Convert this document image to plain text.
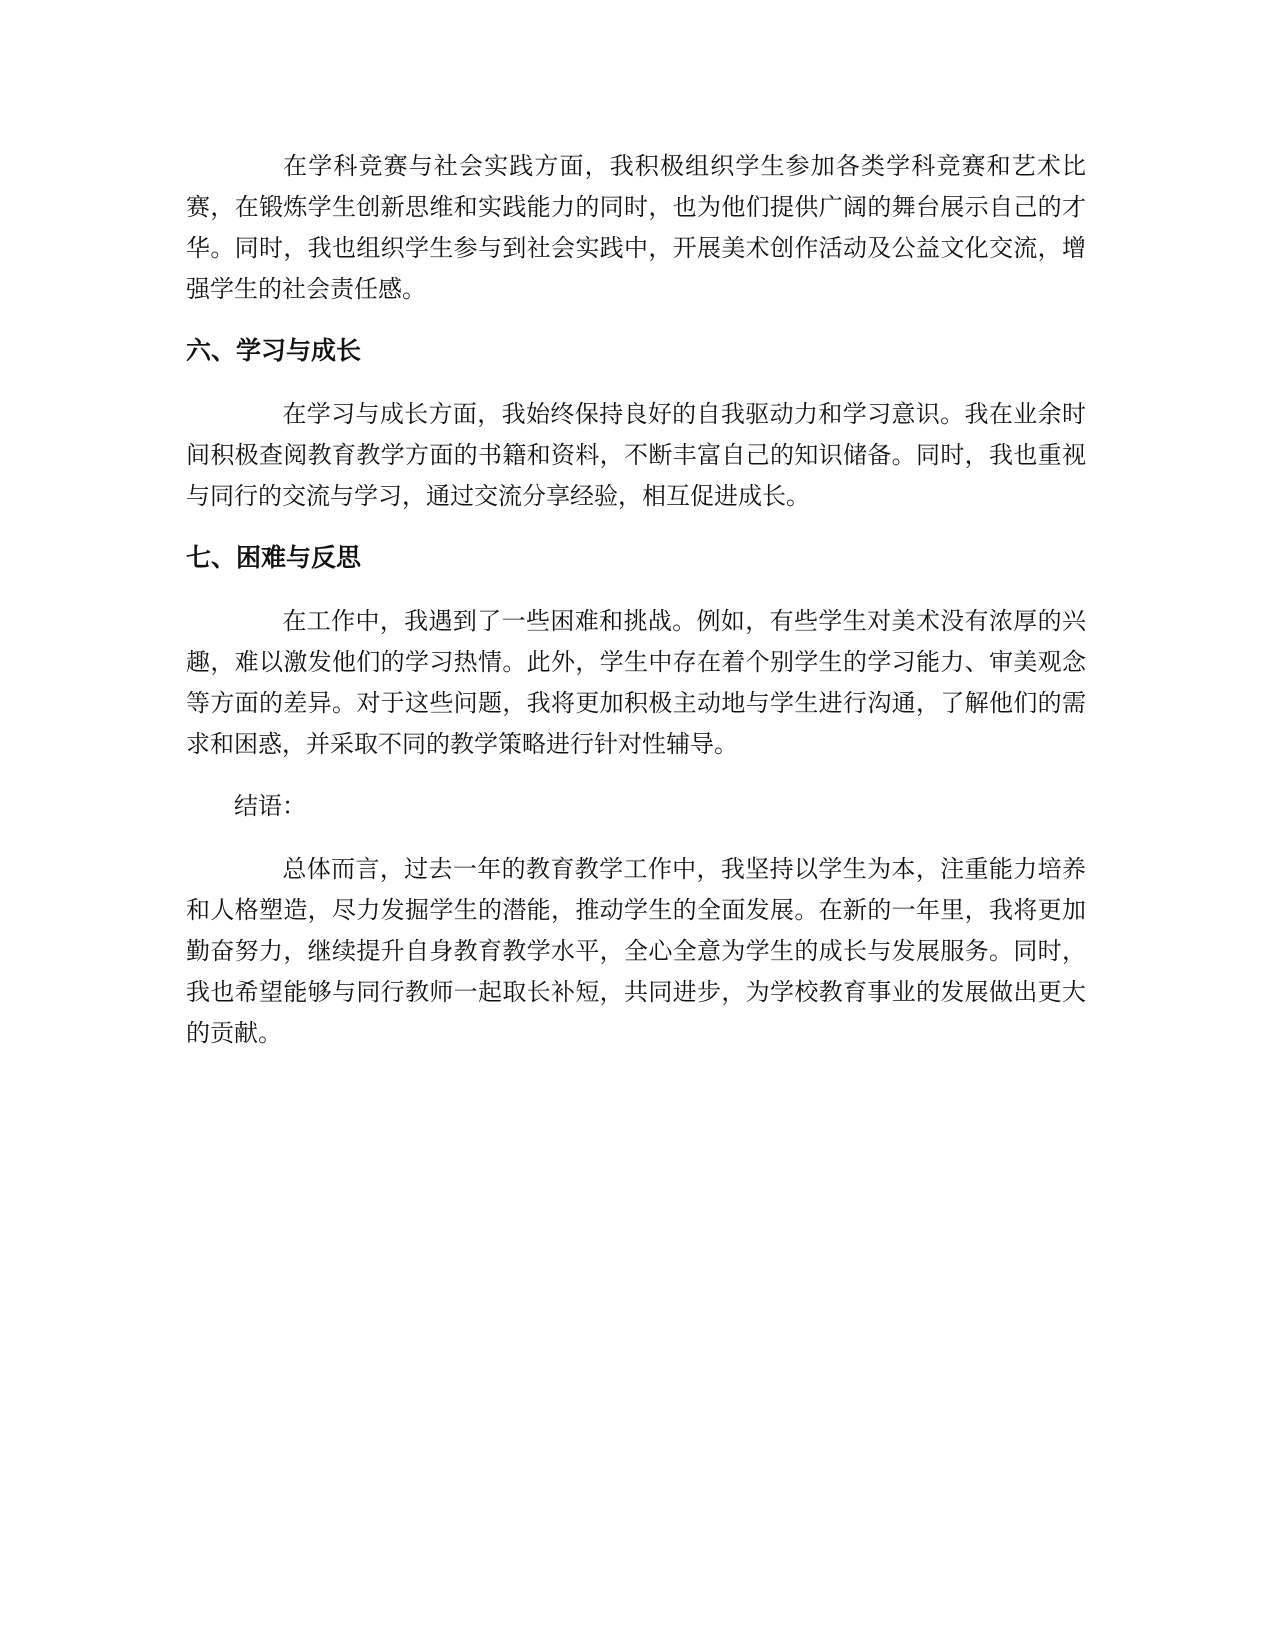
在学科竞赛与社会实践方面，我积极组织学生参加各类学科竞赛和艺术比赛，在锻炼学生创新思维和实践能力的同时，也为他们提供广阔的舞台展示自己的才华。同时，我也组织学生参与到社会实践中，开展美术创作活动及公益文化交流，增强学生的社会责任感。

六、学习与成长

在学习与成长方面，我始终保持良好的自我驱动力和学习意识。我在业余时间积极查阅教育教学方面的书籍和资料，不断丰富自己的知识储备。同时，我也重视与同行的交流与学习，通过交流分享经验，相互促进成长。

七、困难与反思

在工作中，我遇到了一些困难和挑战。例如，有些学生对美术没有浓厚的兴趣，难以激发他们的学习热情。此外，学生中存在着个别学生的学习能力、审美观念等方面的差异。对于这些问题，我将更加积极主动地与学生进行沟通，了解他们的需求和困惑，并采取不同的教学策略进行针对性辅导。

结语：

总体而言，过去一年的教育教学工作中，我坚持以学生为本，注重能力培养和人格塑造，尽力发掘学生的潜能，推动学生的全面发展。在新的一年里，我将更加勤奋努力，继续提升自身教育教学水平，全心全意为学生的成长与发展服务。同时，我也希望能够与同行教师一起取长补短，共同进步，为学校教育事业的发展做出更大的贡献。
